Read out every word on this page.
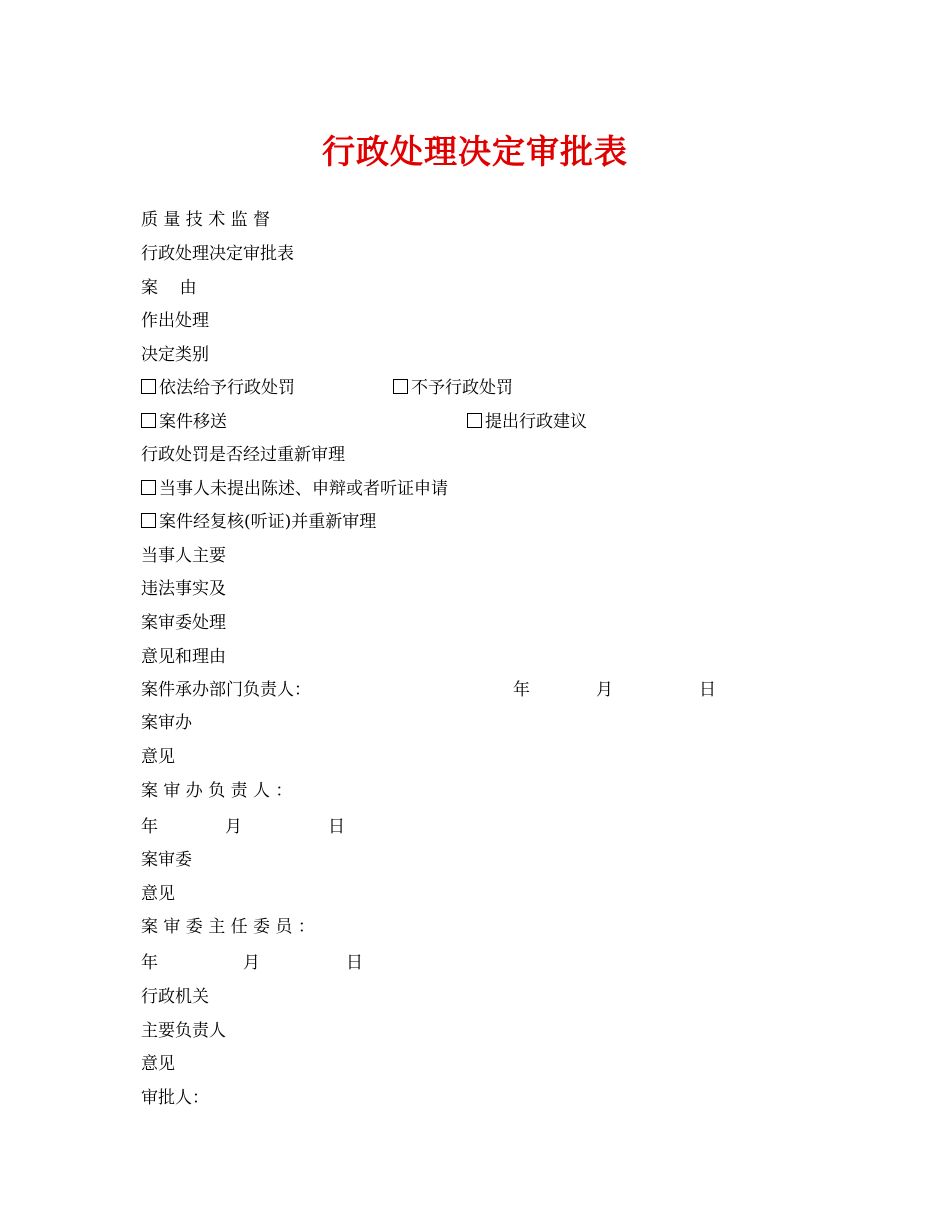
行政处理决定审批表
质 量 技 术 监 督
行政处理决定审批表
案    由
作出处理
决定类别
依法给予行政处罚	不予行政处罚
案件移送	提出行政建议
行政处罚是否经过重新审理
当事人未提出陈述、申辩或者听证申请
案件经复核(听证)并重新审理
当事人主要
违法事实及
案审委处理
意见和理由
案件承办部门负责人：	年	月	日
案审办
意见
案 审 办 负 责 人 ：
年	月	日
案审委
意见
案 审 委 主 任 委 员 ：
年	月	日
行政机关
主要负责人
意见
审批人：
